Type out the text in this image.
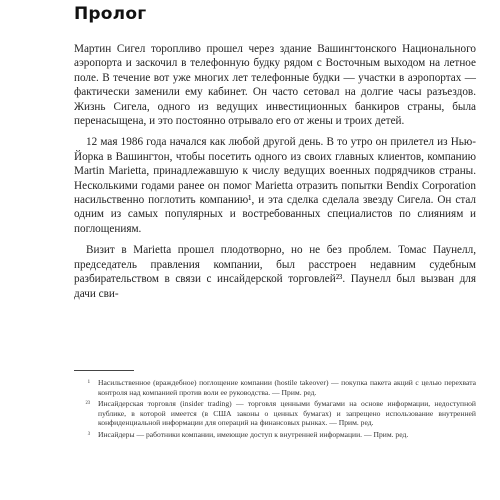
Пролог

Мартин Сигел торопливо прошел через здание Вашингтонского Национального аэропорта и заскочил в телефонную будку рядом с Восточным выходом на летное поле. В течение вот уже многих лет телефонные будки — участки в аэропортах — фактически заменили ему кабинет. Он часто сетовал на долгие часы разъездов. Жизнь Сигела, одного из ведущих инвестиционных банкиров страны, была перенасыщена, и это постоянно отрывало его от жены и троих детей.

12 мая 1986 года начался как любой другой день. В то утро он прилетел из Нью-Йорка в Вашингтон, чтобы посетить одного из своих главных клиентов, компанию Martin Marietta, принадлежавшую к числу ведущих военных подрядчиков страны. Несколькими годами ранее он помог Marietta отразить попытки Bendix Corporation насильственно поглотить компанию¹, и эта сделка сделала звезду Сигела. Он стал одним из самых популярных и востребованных специалистов по слияниям и поглощениям.

Визит в Marietta прошел плодотворно, но не без проблем. Томас Паунелл, председатель правления компании, был расстроен недавним судебным разбирательством в связи с инсайдерской торговлей²³. Паунелл был вызван для дачи сви-

¹	Насильственное (враждебное) поглощение компании (hostile takeover) — покупка пакета акций с целью перехвата контроля над компанией против воли ее руководства. — Прим. ред.
²³	Инсайдерская торговля (insider trading) — торговля ценными бумагами на основе информации, недоступной публике, в которой имеется (в США законы о ценных бумагах) и запрещено использование внутренней конфиденциальной информации для операций на финансовых рынках. — Прим. ред.
³	Инсайдеры — работники компании, имеющие доступ к внутренней информации. — Прим. ред.
